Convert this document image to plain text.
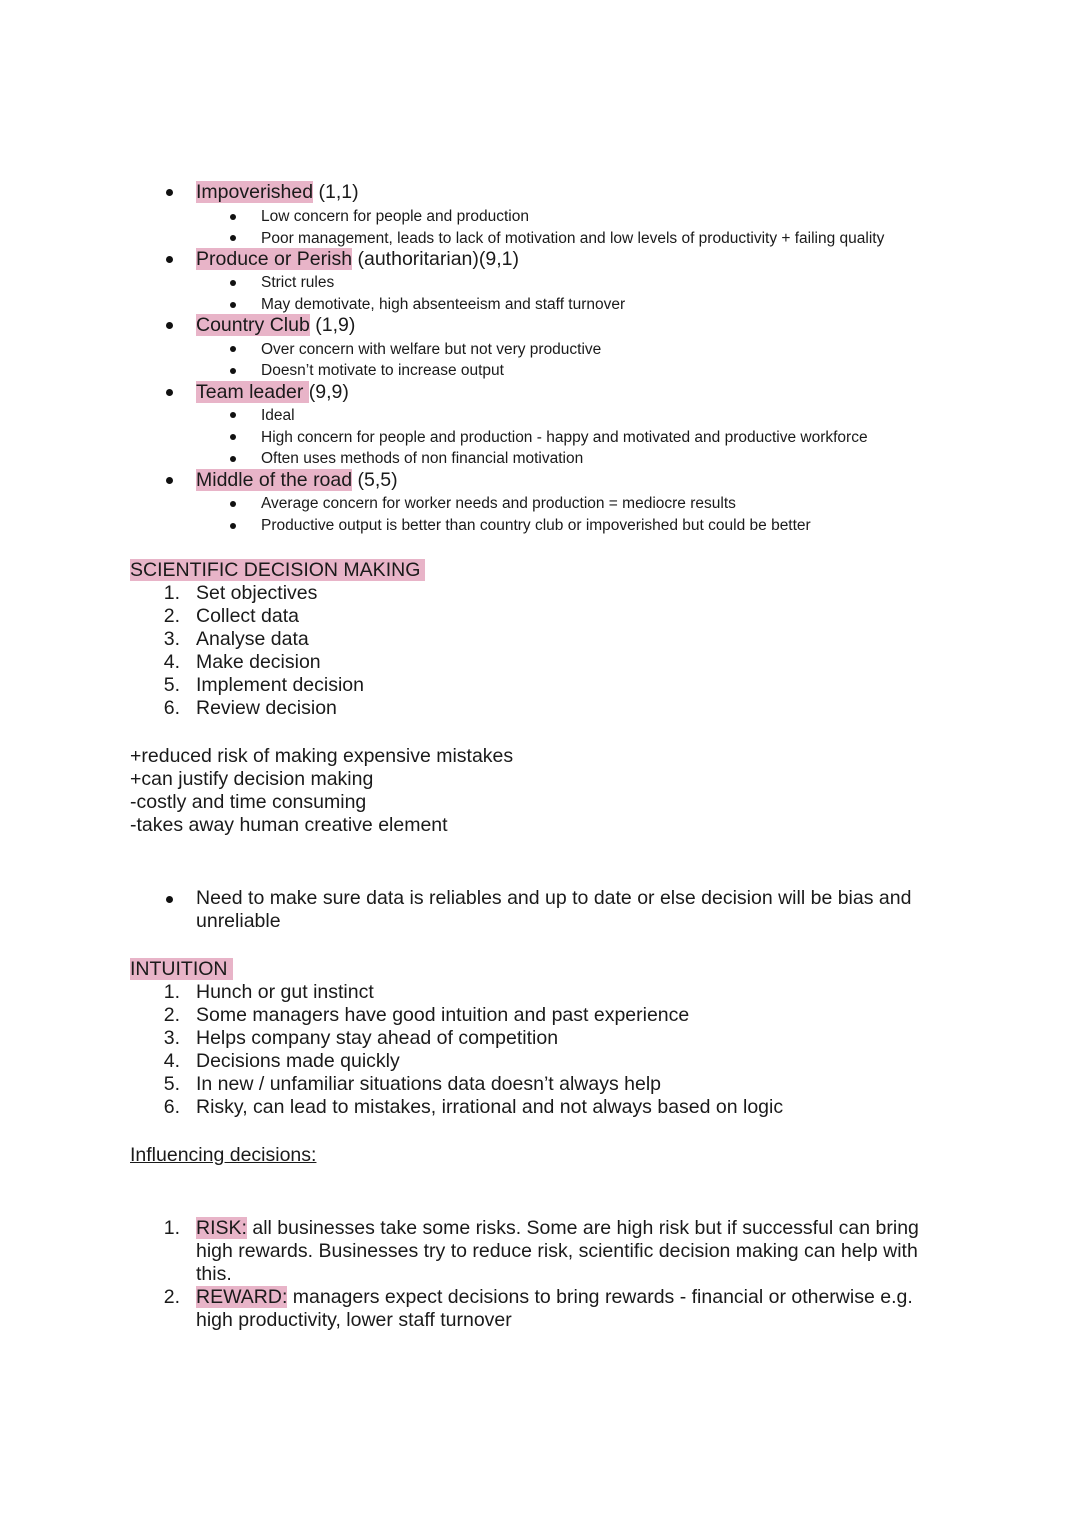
Impoverished (1,1)
Low concern for people and production
Poor management, leads to lack of motivation and low levels of productivity + failing quality
Produce or Perish (authoritarian)(9,1)
Strict rules
May demotivate, high absenteeism and staff turnover
Country Club (1,9)
Over concern with welfare but not very productive
Doesn’t motivate to increase output
Team leader (9,9)
Ideal
High concern for people and production - happy and motivated and productive workforce
Often uses methods of non financial motivation
Middle of the road (5,5)
Average concern for worker needs and production = mediocre results
Productive output is better than country club or impoverished but could be better
SCIENTIFIC DECISION MAKING
1. Set objectives
2. Collect data
3. Analyse data
4. Make decision
5. Implement decision
6. Review decision
+reduced risk of making expensive mistakes
+can justify decision making
-costly and time consuming
-takes away human creative element
Need to make sure data is reliables and up to date or else decision will be bias and
unreliable
INTUITION
1. Hunch or gut instinct
2. Some managers have good intuition and past experience
3. Helps company stay ahead of competition
4. Decisions made quickly
5. In new / unfamiliar situations data doesn’t always help
6. Risky, can lead to mistakes, irrational and not always based on logic
Influencing decisions:
1. RISK: all businesses take some risks. Some are high risk but if successful can bring
high rewards. Businesses try to reduce risk, scientific decision making can help with
this.
2. REWARD: managers expect decisions to bring rewards - financial or otherwise e.g.
high productivity, lower staff turnover
